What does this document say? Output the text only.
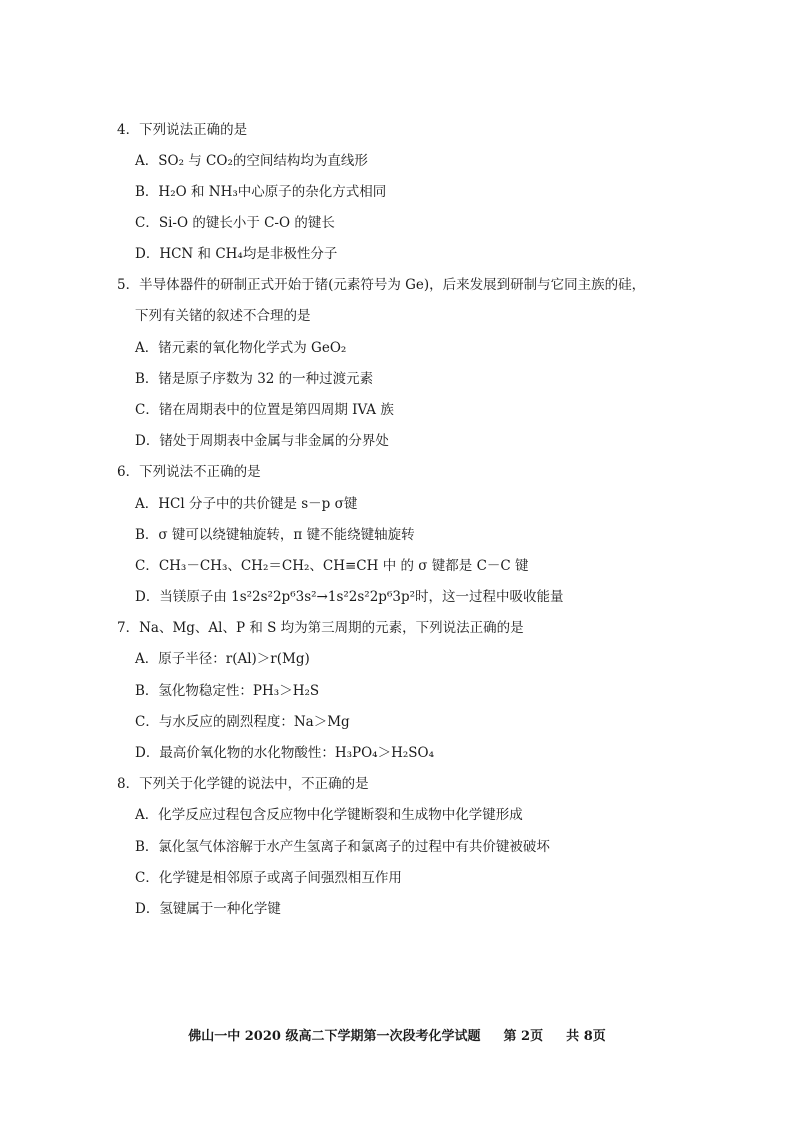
4．下列说法正确的是
A．SO₂ 与 CO₂的空间结构均为直线形
B．H₂O 和 NH₃中心原子的杂化方式相同
C．Si-O 的键长小于 C-O 的键长
D．HCN 和 CH₄均是非极性分子
5．半导体器件的研制正式开始于锗(元素符号为 Ge)，后来发展到研制与它同主族的硅，
下列有关锗的叙述不合理的是
A．锗元素的氧化物化学式为 GeO₂
B．锗是原子序数为 32 的一种过渡元素
C．锗在周期表中的位置是第四周期 IVA 族
D．锗处于周期表中金属与非金属的分界处
6．下列说法不正确的是
A．HCl 分子中的共价键是 s－p σ键
B．σ 键可以绕键轴旋转，π 键不能绕键轴旋转
C．CH₃－CH₃、CH₂＝CH₂、CH≡CH 中 的 σ 键都是 C－C 键
D．当镁原子由 1s²2s²2p⁶3s²→1s²2s²2p⁶3p²时，这一过程中吸收能量
7．Na、Mg、Al、P 和 S 均为第三周期的元素，下列说法正确的是
A．原子半径：r(Al)＞r(Mg)
B．氢化物稳定性：PH₃＞H₂S
C．与水反应的剧烈程度：Na＞Mg
D．最高价氧化物的水化物酸性：H₃PO₄＞H₂SO₄
8．下列关于化学键的说法中，不正确的是
A．化学反应过程包含反应物中化学键断裂和生成物中化学键形成
B．氯化氢气体溶解于水产生氢离子和氯离子的过程中有共价键被破坏
C．化学键是相邻原子或离子间强烈相互作用
D．氢键属于一种化学键
佛山一中 2020 级高二下学期第一次段考化学试题 第 2页 共 8页
